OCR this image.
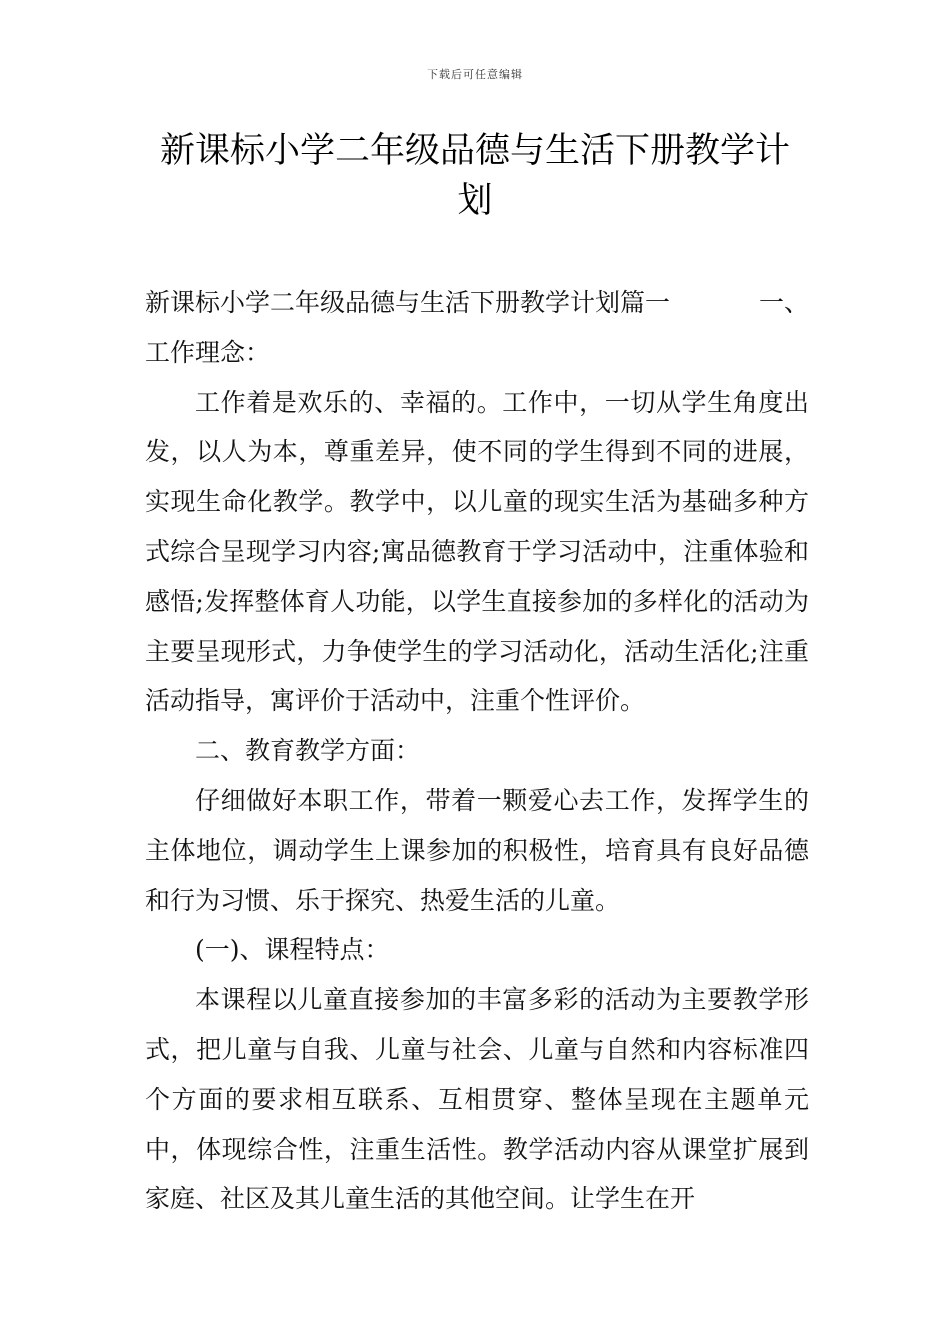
下载后可任意编辑
新课标小学二年级品德与生活下册教学计划

新课标小学二年级品德与生活下册教学计划篇一	一、

工作理念：

工作着是欢乐的、幸福的。工作中，一切从学生角度出发，以人为本，尊重差异，使不同的学生得到不同的进展，实现生命化教学。教学中，以儿童的现实生活为基础多种方式综合呈现学习内容;寓品德教育于学习活动中，注重体验和感悟;发挥整体育人功能，以学生直接参加的多样化的活动为主要呈现形式，力争使学生的学习活动化，活动生活化;注重活动指导，寓评价于活动中，注重个性评价。

二、教育教学方面：

仔细做好本职工作，带着一颗爱心去工作，发挥学生的主体地位，调动学生上课参加的积极性，培育具有良好品德和行为习惯、乐于探究、热爱生活的儿童。

(一)、课程特点：

本课程以儿童直接参加的丰富多彩的活动为主要教学形式，把儿童与自我、儿童与社会、儿童与自然和内容标准四个方面的要求相互联系、互相贯穿、整体呈现在主题单元中，体现综合性，注重生活性。教学活动内容从课堂扩展到家庭、社区及其儿童生活的其他空间。让学生在开
